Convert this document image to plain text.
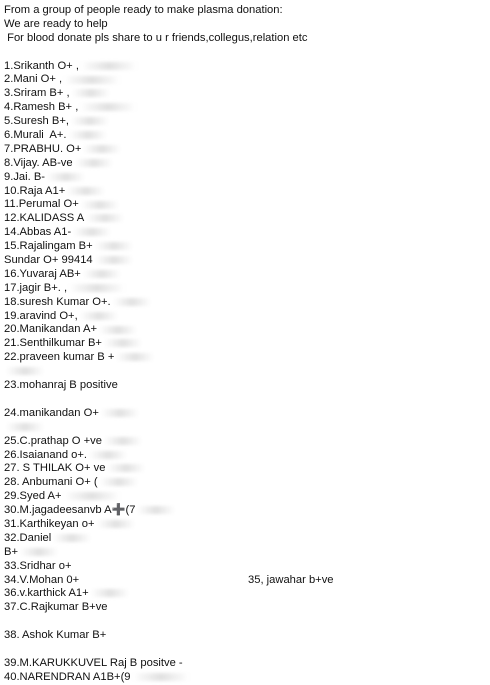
From a group of people ready to make plasma donation:
We are ready to help
For blood donate pls share to u r friends,collegus,relation etc
1.Srikanth O+ ,
2.Mani O+ ,
3.Sriram B+ ,
4.Ramesh B+ ,
5.Suresh B+,
6.Murali  A+.
7.PRABHU. O+
8.Vijay. AB-ve
9.Jai. B-
10.Raja A1+
11.Perumal O+
12.KALIDASS A
14.Abbas A1-
15.Rajalingam B+
Sundar O+ 99414
16.Yuvaraj AB+
17.jagir B+. ,
18.suresh Kumar O+.
19.aravind O+,
20.Manikandan A+
21.Senthilkumar B+
22.praveen kumar B +
23.mohanraj B positive
24.manikandan O+
25.C.prathap O +ve
26.Isaianand o+.
27. S THILAK O+ ve
28. Anbumani O+ (
29.Syed A+
30.M.jagadeesanvb A➕(7
31.Karthikeyan o+
32.Daniel
B+
33.Sridhar o+
34.V.Mohan 0+	35, jawahar b+ve
36.v.karthick A1+
37.C.Rajkumar B+ve
38. Ashok Kumar B+
39.M.KARUKKUVEL Raj B positve -
40.NARENDRAN A1B+(9
